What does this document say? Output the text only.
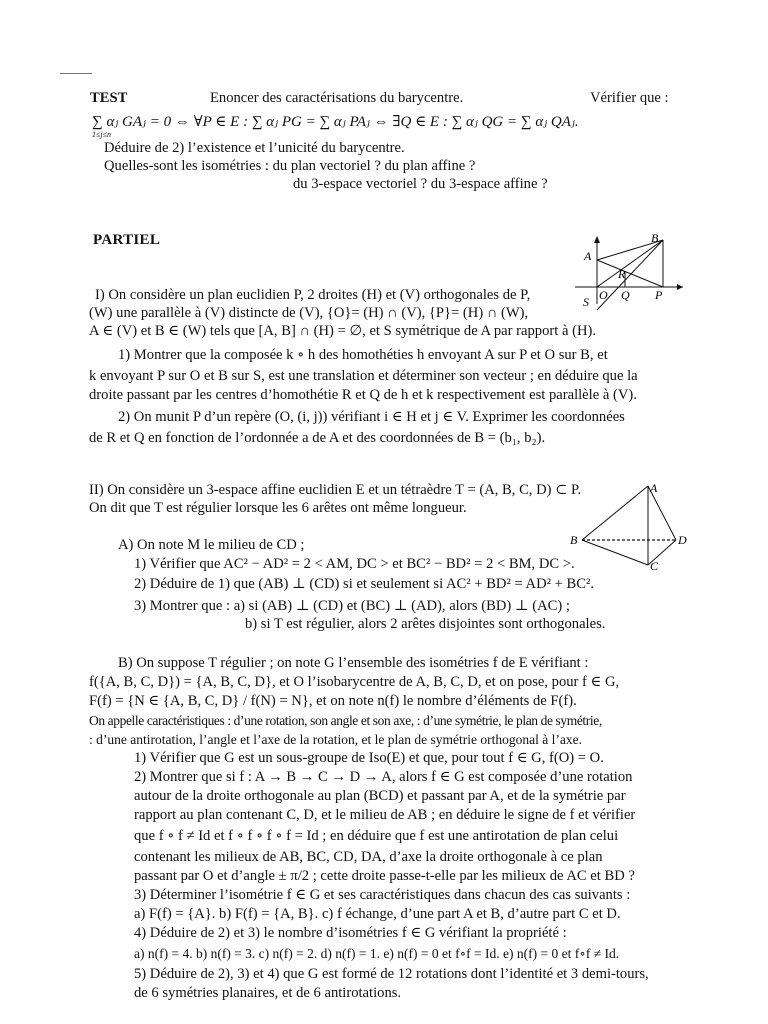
TEST	Enoncer des caractérisations du barycentre.	Vérifier que :
∑ αⱼ GAⱼ = 0 ⇔ ∀P ∈ E : ∑ αⱼ PG = ∑ αⱼ PAⱼ ⇔ ∃Q ∈ E : ∑ αⱼ QG = ∑ αⱼ QAⱼ.
1≤j≤n
Déduire de 2) l’existence et l’unicité du barycentre.
Quelles-sont les isométries : du plan vectoriel ? du plan affine ?
du 3-espace vectoriel ? du 3-espace affine ?
PARTIEL	B
A
R
S O Q P
I) On considère un plan euclidien P, 2 droites (H) et (V) orthogonales de P,
(W) une parallèle à (V) distincte de (V), {O}= (H) ∩ (V), {P}= (H) ∩ (W),
A ∈ (V) et B ∈ (W) tels que [A, B] ∩ (H) = ∅, et S symétrique de A par rapport à (H).
1) Montrer que la composée k ∘ h des homothéties h envoyant A sur P et O sur B, et
k envoyant P sur O et B sur S, est une translation et déterminer son vecteur ; en déduire que la
droite passant par les centres d’homothétie R et Q de h et k respectivement est parallèle à (V).
2) On munit P d’un repère (O, (i, j)) vérifiant i ∈ H et j ∈ V. Exprimer les coordonnées
de R et Q en fonction de l’ordonnée a de A et des coordonnées de B = (b₁, b₂).
II) On considère un 3-espace affine euclidien E et un tétraèdre T = (A, B, C, D) ⊂ P.
On dit que T est régulier lorsque les 6 arêtes ont même longueur.
A
B	D
C
A) On note M le milieu de CD ;
1) Vérifier que AC² − AD² = 2 < AM, DC > et BC² − BD² = 2 < BM, DC >.
2) Déduire de 1) que (AB) ⊥ (CD) si et seulement si AC² + BD² = AD² + BC².
3) Montrer que : a) si (AB) ⊥ (CD) et (BC) ⊥ (AD), alors (BD) ⊥ (AC) ;
b) si T est régulier, alors 2 arêtes disjointes sont orthogonales.
B) On suppose T régulier ; on note G l’ensemble des isométries f de E vérifiant :
f({A, B, C, D}) = {A, B, C, D}, et O l’isobarycentre de A, B, C, D, et on pose, pour f ∈ G,
F(f) = {N ∈ {A, B, C, D} / f(N) = N}, et on note n(f) le nombre d’éléments de F(f).
On appelle caractéristiques : d’une rotation, son angle et son axe, : d’une symétrie, le plan de symétrie,
: d’une antirotation, l’angle et l’axe de la rotation, et le plan de symétrie orthogonal à l’axe.
1) Vérifier que G est un sous-groupe de Iso(E) et que, pour tout f ∈ G, f(O) = O.
2) Montrer que si f : A → B → C → D → A, alors f ∈ G est composée d’une rotation
autour de la droite orthogonale au plan (BCD) et passant par A, et de la symétrie par
rapport au plan contenant C, D, et le milieu de AB ; en déduire le signe de f et vérifier
que f ∘ f ≠ Id et f ∘ f ∘ f ∘ f = Id ; en déduire que f est une antirotation de plan celui
contenant les milieux de AB, BC, CD, DA, d’axe la droite orthogonale à ce plan
passant par O et d’angle ± π/2 ; cette droite passe-t-elle par les milieux de AC et BD ?
3) Déterminer l’isométrie f ∈ G et ses caractéristiques dans chacun des cas suivants :
a) F(f) = {A}. b) F(f) = {A, B}. c) f échange, d’une part A et B, d’autre part C et D.
4) Déduire de 2) et 3) le nombre d’isométries f ∈ G vérifiant la propriété :
a) n(f) = 4. b) n(f) = 3. c) n(f) = 2. d) n(f) = 1. e) n(f) = 0 et f∘f = Id. e) n(f) = 0 et f∘f ≠ Id.
5) Déduire de 2), 3) et 4) que G est formé de 12 rotations dont l’identité et 3 demi-tours,
de 6 symétries planaires, et de 6 antirotations.
